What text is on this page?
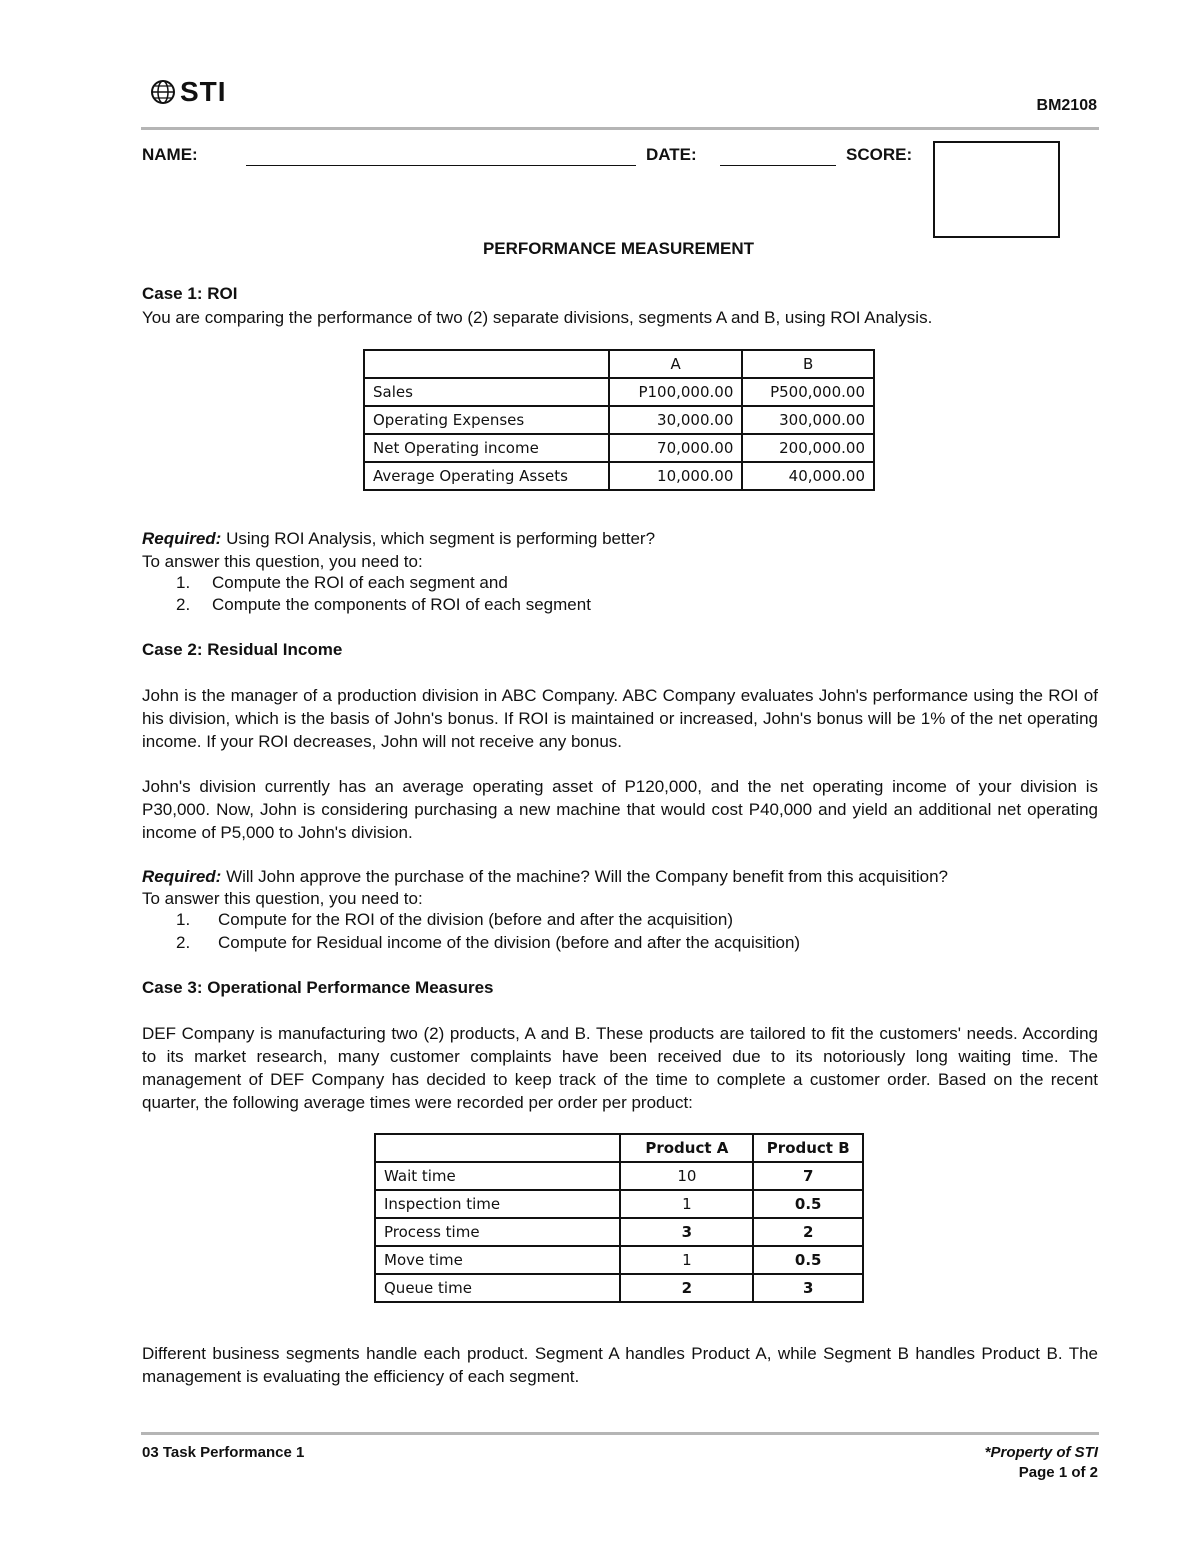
STI	BM2108
NAME:	DATE:	SCORE:
PERFORMANCE MEASUREMENT
Case 1: ROI
You are comparing the performance of two (2) separate divisions, segments A and B, using ROI Analysis.
	A	B
Sales	P100,000.00	P500,000.00
Operating Expenses	30,000.00	300,000.00
Net Operating income	70,000.00	200,000.00
Average Operating Assets	10,000.00	40,000.00
Required: Using ROI Analysis, which segment is performing better?
To answer this question, you need to:
1. Compute the ROI of each segment and
2. Compute the components of ROI of each segment
Case 2: Residual Income
John is the manager of a production division in ABC Company. ABC Company evaluates John's performance using the ROI of his division, which is the basis of John's bonus. If ROI is maintained or increased, John's bonus will be 1% of the net operating income. If your ROI decreases, John will not receive any bonus.
John's division currently has an average operating asset of P120,000, and the net operating income of your division is P30,000. Now, John is considering purchasing a new machine that would cost P40,000 and yield an additional net operating income of P5,000 to John's division.
Required: Will John approve the purchase of the machine? Will the Company benefit from this acquisition?
To answer this question, you need to:
1. Compute for the ROI of the division (before and after the acquisition)
2. Compute for Residual income of the division (before and after the acquisition)
Case 3: Operational Performance Measures
DEF Company is manufacturing two (2) products, A and B. These products are tailored to fit the customers' needs. According to its market research, many customer complaints have been received due to its notoriously long waiting time. The management of DEF Company has decided to keep track of the time to complete a customer order. Based on the recent quarter, the following average times were recorded per order per product:
	Product A	Product B
Wait time	10	7
Inspection time	1	0.5
Process time	3	2
Move time	1	0.5
Queue time	2	3
Different business segments handle each product. Segment A handles Product A, while Segment B handles Product B. The management is evaluating the efficiency of each segment.
03 Task Performance 1	*Property of STI
Page 1 of 2
